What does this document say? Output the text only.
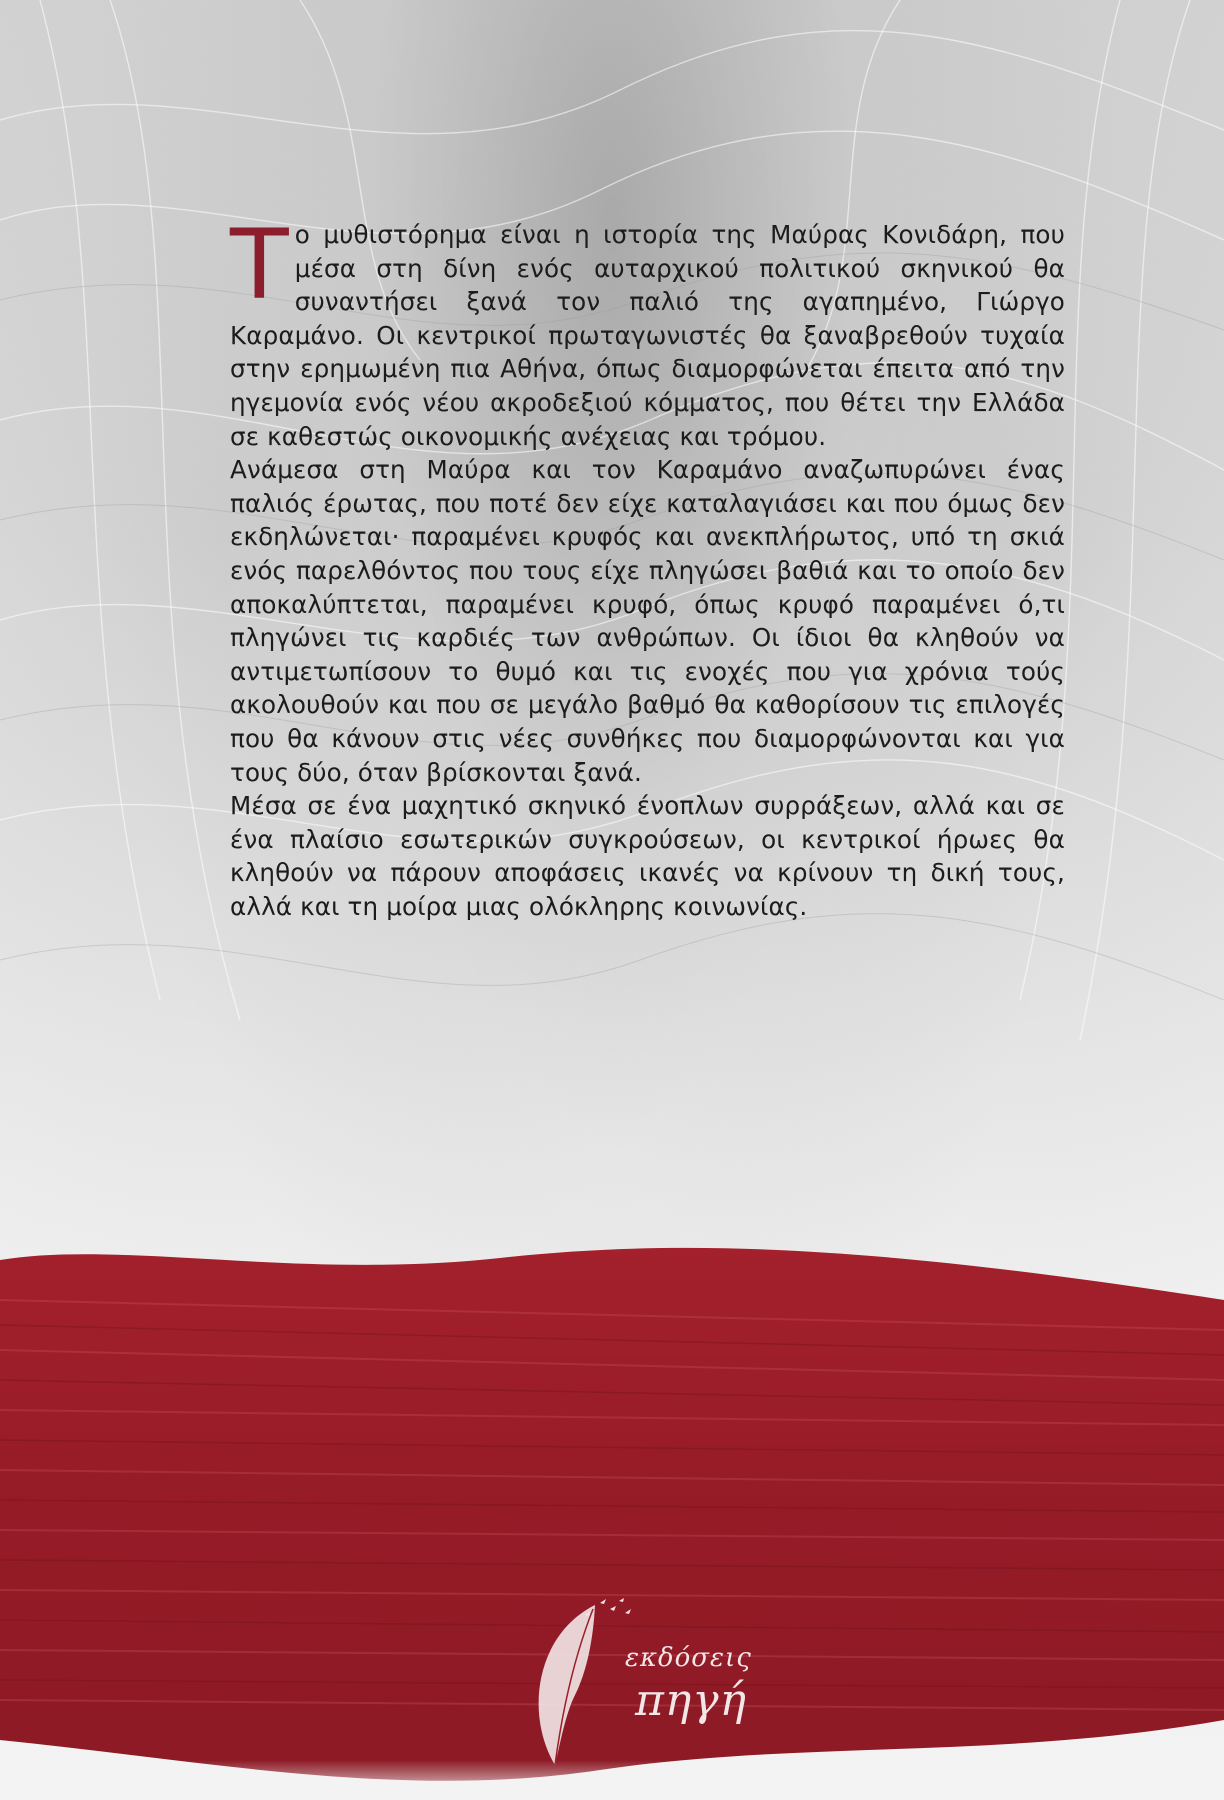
Τ ο μυθιστόρημα είναι η ιστορία της Μαύρας Κονιδάρη, που μέσα στη δίνη ενός αυταρχικού πολιτικού σκηνικού θα συναντήσει ξανά τον παλιό της αγαπημένο, Γιώργο Καραμάνο. Οι κεντρικοί πρωταγωνιστές θα ξαναβρεθούν τυχαία στην ερημωμένη πια Αθήνα, όπως διαμορφώνεται έπειτα από την ηγεμονία ενός νέου ακροδεξιού κόμματος, που θέτει την Ελλάδα σε καθεστώς οικονομικής ανέχειας και τρόμου.

Ανάμεσα στη Μαύρα και τον Καραμάνο αναζωπυρώνει ένας παλιός έρωτας, που ποτέ δεν είχε καταλαγιάσει και που όμως δεν εκδηλώνεται· παραμένει κρυφός και ανεκπλήρωτος, υπό τη σκιά ενός παρελθόντος που τους είχε πληγώσει βαθιά και το οποίο δεν αποκαλύπτεται, παραμένει κρυφό, όπως κρυφό παραμένει ό,τι πληγώνει τις καρδιές των ανθρώπων. Οι ίδιοι θα κληθούν να αντιμετωπίσουν το θυμό και τις ενοχές που για χρόνια τούς ακολουθούν και που σε μεγάλο βαθμό θα καθορίσουν τις επιλογές που θα κάνουν στις νέες συνθήκες που διαμορφώνονται και για τους δύο, όταν βρίσκονται ξανά.

Μέσα σε ένα μαχητικό σκηνικό ένοπλων συρράξεων, αλλά και σε ένα πλαίσιο εσωτερικών συγκρούσεων, οι κεντρικοί ήρωες θα κληθούν να πάρουν αποφάσεις ικανές να κρίνουν τη δική τους, αλλά και τη μοίρα μιας ολόκληρης κοινωνίας.

εκδόσεις
πηγή
